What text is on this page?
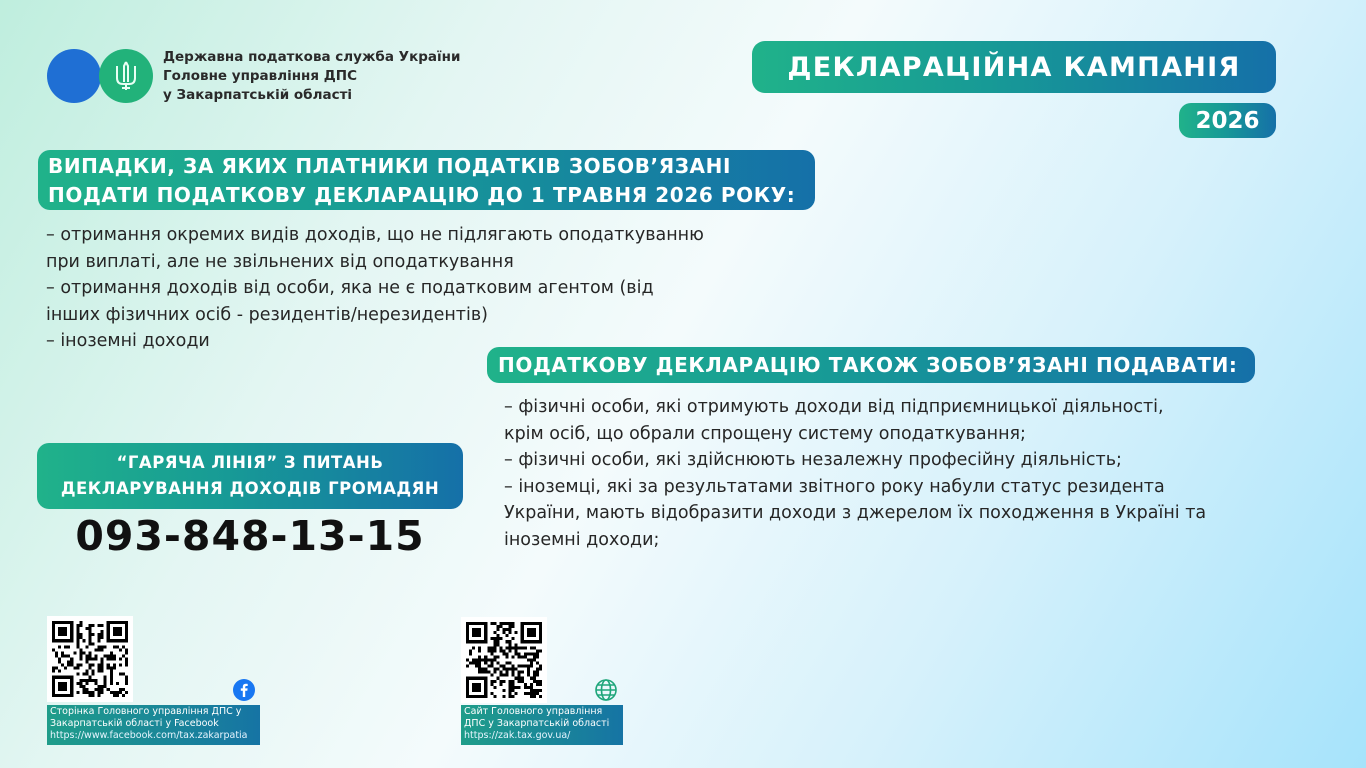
Державна податкова служба України
Головне управління ДПС
у Закарпатській області
ДЕКЛАРАЦІЙНА КАМПАНІЯ
2026
ВИПАДКИ, ЗА ЯКИХ ПЛАТНИКИ ПОДАТКІВ ЗОБОВ’ЯЗАНІ
ПОДАТИ ПОДАТКОВУ ДЕКЛАРАЦІЮ ДО 1 ТРАВНЯ 2026 РОКУ:
– отримання окремих видів доходів, що не підлягають оподаткуванню
при виплаті, але не звільнених від оподаткування
– отримання доходів від особи, яка не є податковим агентом (від
інших фізичних осіб - резидентів/нерезидентів)
– іноземні доходи
ПОДАТКОВУ ДЕКЛАРАЦІЮ ТАКОЖ ЗОБОВ’ЯЗАНІ ПОДАВАТИ:
– фізичні особи, які отримують доходи від підприємницької діяльності,
крім осіб, що обрали спрощену систему оподаткування;
– фізичні особи, які здійснюють незалежну професійну діяльність;
– іноземці, які за результатами звітного року набули статус резидента
України, мають відобразити доходи з джерелом їх походження в Україні та
іноземні доходи;
“ГАРЯЧА ЛІНІЯ” З ПИТАНЬ
ДЕКЛАРУВАННЯ ДОХОДІВ ГРОМАДЯН
093-848-13-15
Сторінка Головного управління ДПС у
Закарпатській області у Facebook
https://www.facebook.com/tax.zakarpatia
Сайт Головного управління
ДПС у Закарпатській області
https://zak.tax.gov.ua/
